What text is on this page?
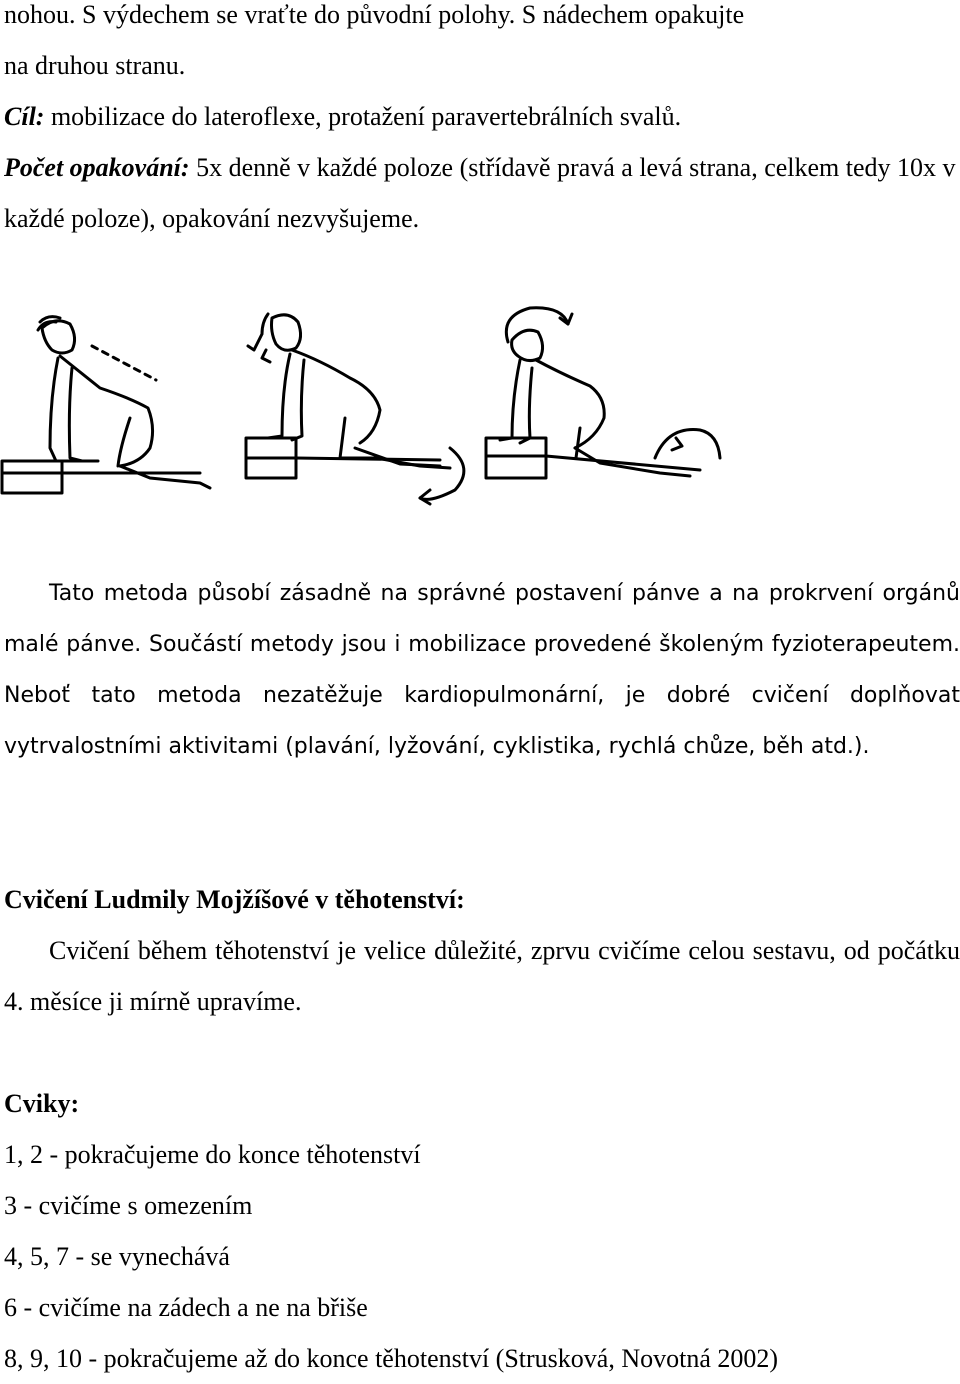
nohou. S výdechem se vraťte do původní polohy. S nádechem opakujte
na druhou stranu.

Cíl: mobilizace do lateroflexe, protažení paravertebrálních svalů.

Počet opakování: 5x denně v každé poloze (střídavě pravá a levá strana, celkem tedy 10x v každé poloze), opakování nezvyšujeme.

Tato metoda působí zásadně na správné postavení pánve a na prokrvení orgánů malé pánve. Součástí metody jsou i mobilizace provedené školeným fyzioterapeutem. Neboť tato metoda nezatěžuje kardiopulmonární, je dobré cvičení doplňovat vytrvalostními aktivitami (plavání, lyžování, cyklistika, rychlá chůze, běh atd.).

Cvičení Ludmily Mojžíšové v těhotenství:

Cvičení během těhotenství je velice důležité, zprvu cvičíme celou sestavu, od počátku 4. měsíce ji mírně upravíme.

Cviky:

1, 2 - pokračujeme do konce těhotenství
3 - cvičíme s omezením
4, 5, 7 - se vynechává
6 - cvičíme na zádech a ne na břiše
8, 9, 10 - pokračujeme až do konce těhotenství (Strusková, Novotná 2002)
